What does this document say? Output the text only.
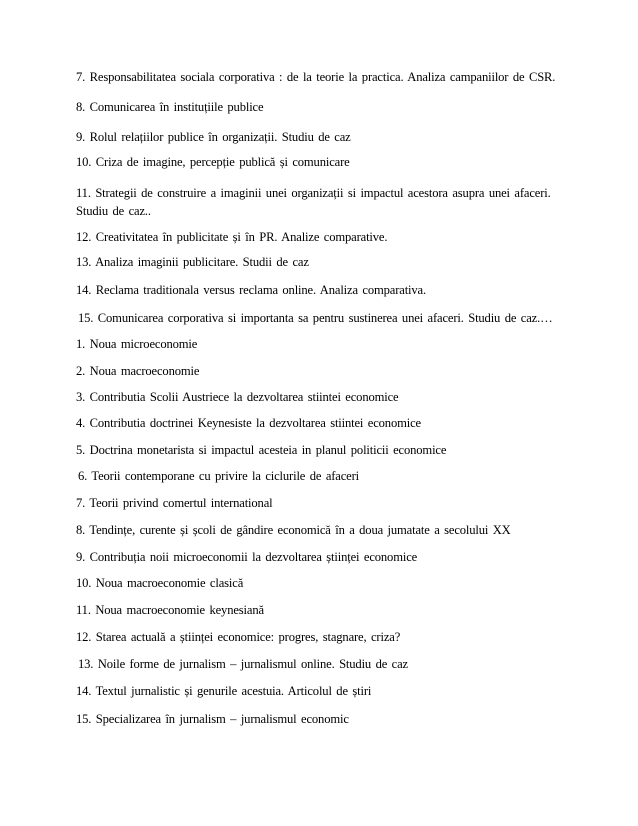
7. Responsabilitatea sociala corporativa : de la teorie la practica. Analiza campaniilor de CSR.
8. Comunicarea în instituțiile publice
9. Rolul relațiilor publice în organizații. Studiu de caz
10. Criza de imagine, percepție publică și comunicare
11. Strategii de construire a imaginii unei organizații si impactul acestora asupra unei afaceri. Studiu de caz..
12. Creativitatea în publicitate și în PR. Analize comparative.
13. Analiza imaginii publicitare. Studii de caz
14. Reclama traditionala versus reclama online. Analiza comparativa.
15. Comunicarea corporativa si importanta sa pentru sustinerea unei afaceri. Studiu de caz.…
1. Noua microeconomie
2. Noua macroeconomie
3. Contributia Scolii Austriece la dezvoltarea stiintei economice
4. Contributia doctrinei Keynesiste la dezvoltarea stiintei economice
5. Doctrina monetarista si impactul acesteia in planul politicii economice
6. Teorii contemporane cu privire la ciclurile de afaceri
7. Teorii privind comertul international
8. Tendințe, curente și școli de gândire economică în a doua jumatate a secolului XX
9. Contribuția noii microeconomii la dezvoltarea științei economice
10. Noua macroeconomie clasică
11. Noua macroeconomie keynesiană
12. Starea actuală a științei economice: progres, stagnare, criza?
13. Noile forme de jurnalism – jurnalismul online. Studiu de caz
14. Textul jurnalistic și genurile acestuia. Articolul de știri
15. Specializarea în jurnalism – jurnalismul economic
